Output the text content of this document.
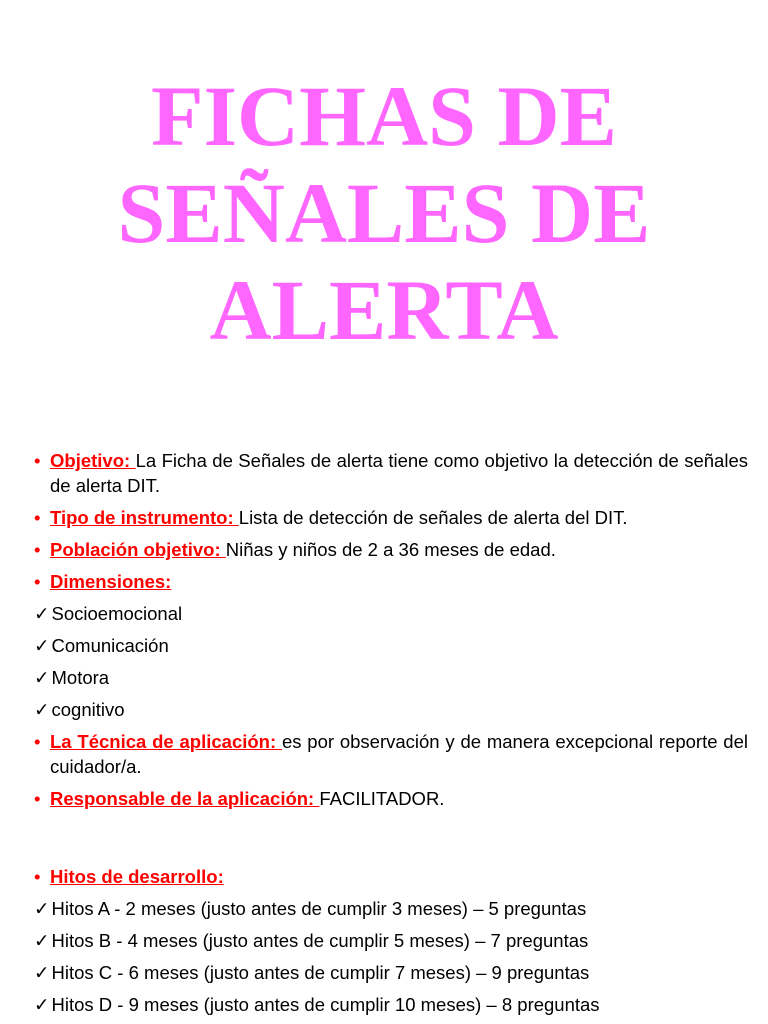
FICHAS DE
SEÑALES DE
ALERTA
• Objetivo: La Ficha de Señales de alerta tiene como objetivo la detección de señales de alerta DIT.
• Tipo de instrumento: Lista de detección de señales de alerta del DIT.
• Población objetivo: Niñas y niños de 2 a 36 meses de edad.
• Dimensiones:
✓ Socioemocional
✓ Comunicación
✓ Motora
✓ cognitivo
• La Técnica de aplicación: es por observación y de manera excepcional reporte del cuidador/a.
• Responsable de la aplicación: FACILITADOR.
• Hitos de desarrollo:
✓ Hitos A - 2 meses (justo antes de cumplir 3 meses) – 5 preguntas
✓ Hitos B - 4 meses (justo antes de cumplir 5 meses) – 7 preguntas
✓ Hitos C - 6 meses (justo antes de cumplir 7 meses) – 9 preguntas
✓ Hitos D - 9 meses (justo antes de cumplir 10 meses) – 8 preguntas
